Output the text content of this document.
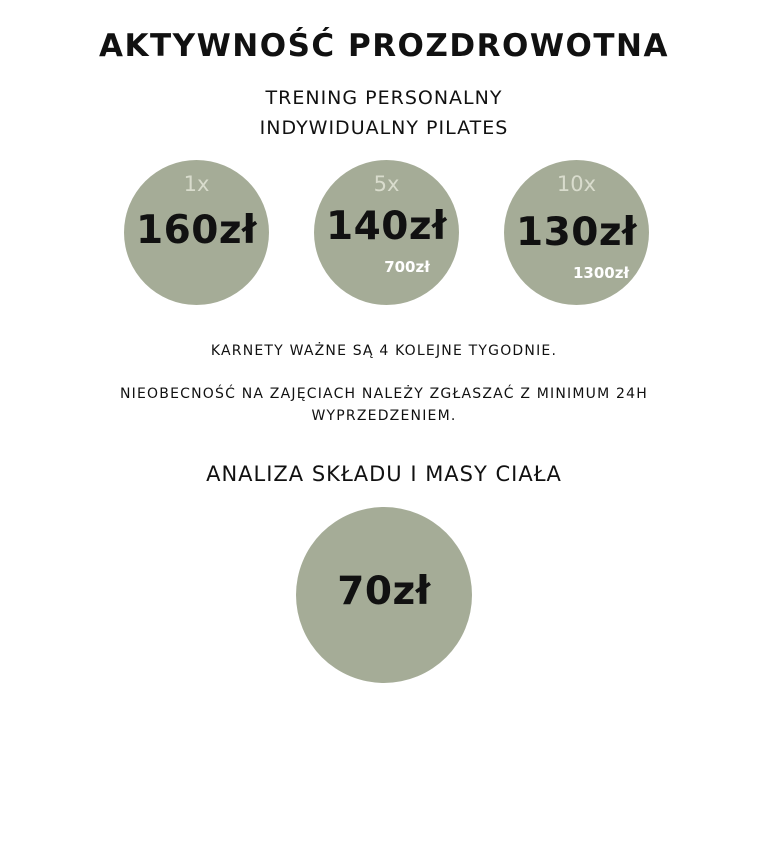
AKTYWNOŚĆ PROZDROWOTNA
TRENING PERSONALNY
INDYWIDUALNY PILATES
1x
160zł
5x
140zł
700zł
10x
130zł
1300zł
KARNETY WAŻNE SĄ 4 KOLEJNE TYGODNIE.
NIEOBECNOŚĆ NA ZAJĘCIACH NALEŻY ZGŁASZAĆ Z MINIMUM 24H WYPRZEDZENIEM.
ANALIZA SKŁADU I MASY CIAŁA
70zł
